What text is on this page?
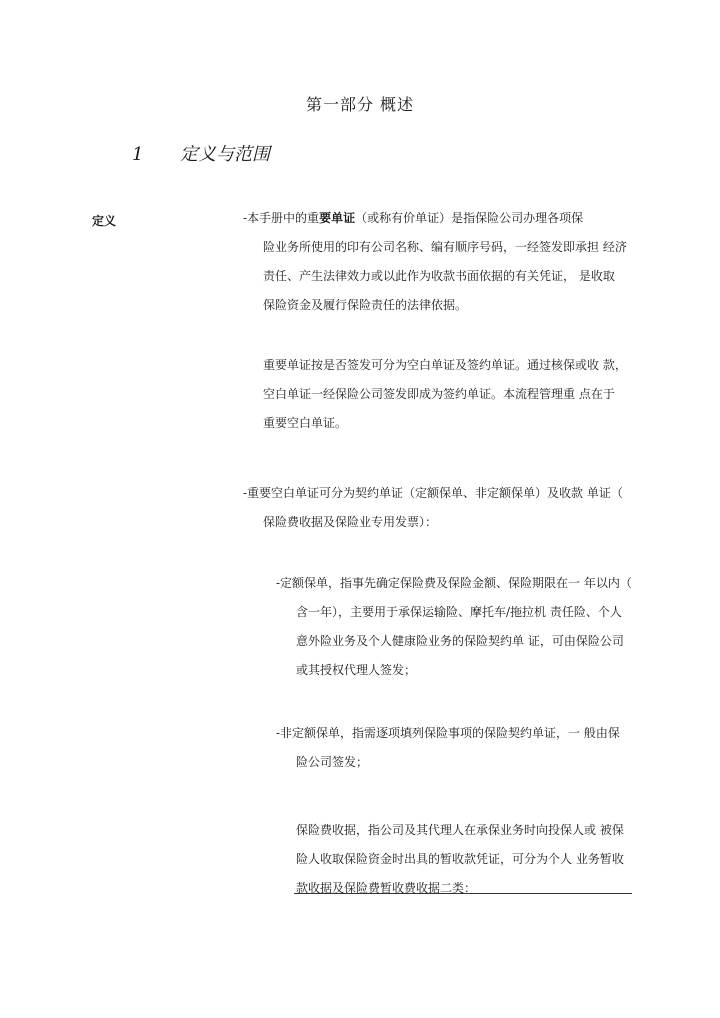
第一部分 概述
1 定义与范围
定义	-本手册中的重要单证（或称有价单证）是指保险公司办理各项保
险业务所使用的印有公司名称、编有顺序号码，一经签发即承担 经济
责任、产生法律效力或以此作为收款书面依据的有关凭证， 是收取
保险资金及履行保险责任的法律依据。
重要单证按是否签发可分为空白单证及签约单证。通过核保或收 款，
空白单证一经保险公司签发即成为签约单证。本流程管理重 点在于
重要空白单证。
-重要空白单证可分为契约单证（定额保单、非定额保单）及收款 单证（
保险费收据及保险业专用发票）：
-定额保单，指事先确定保险费及保险金额、保险期限在一 年以内（
含一年），主要用于承保运输险、摩托车/拖拉机 责任险、个人
意外险业务及个人健康险业务的保险契约单 证，可由保险公司
或其授权代理人签发；
-非定额保单，指需逐项填列保险事项的保险契约单证，一 般由保
险公司签发；
保险费收据，指公司及其代理人在承保业务时向投保人或 被保
险人收取保险资金时出具的暂收款凭证，可分为个人 业务暂收
款收据及保险费暂收费收据二类：
